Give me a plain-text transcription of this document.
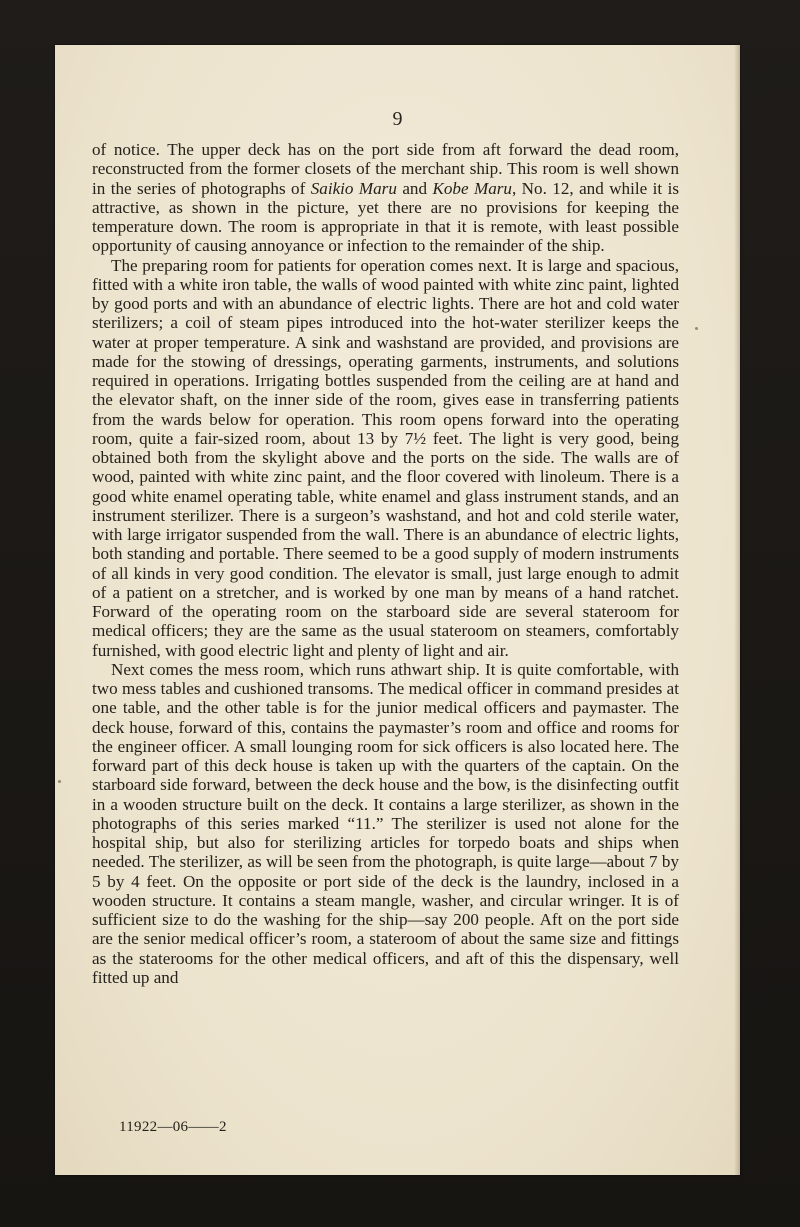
9

of notice. The upper deck has on the port side from aft forward the dead room, reconstructed from the former closets of the merchant ship. This room is well shown in the series of photographs of Saikio Maru and Kobe Maru, No. 12, and while it is attractive, as shown in the picture, yet there are no provisions for keeping the temperature down. The room is appropriate in that it is remote, with least possible opportunity of causing annoyance or infection to the remainder of the ship.

The preparing room for patients for operation comes next. It is large and spacious, fitted with a white iron table, the walls of wood painted with white zinc paint, lighted by good ports and with an abundance of electric lights. There are hot and cold water sterilizers; a coil of steam pipes introduced into the hot-water sterilizer keeps the water at proper temperature. A sink and washstand are provided, and provisions are made for the stowing of dressings, operating garments, instruments, and solutions required in operations. Irrigating bottles suspended from the ceiling are at hand and the elevator shaft, on the inner side of the room, gives ease in transferring patients from the wards below for operation. This room opens forward into the operating room, quite a fair-sized room, about 13 by 7½ feet. The light is very good, being obtained both from the skylight above and the ports on the side. The walls are of wood, painted with white zinc paint, and the floor covered with linoleum. There is a good white enamel operating table, white enamel and glass instrument stands, and an instrument sterilizer. There is a surgeon’s washstand, and hot and cold sterile water, with large irrigator suspended from the wall. There is an abundance of electric lights, both standing and portable. There seemed to be a good supply of modern instruments of all kinds in very good condition. The elevator is small, just large enough to admit of a patient on a stretcher, and is worked by one man by means of a hand ratchet. Forward of the operating room on the starboard side are several stateroom for medical officers; they are the same as the usual stateroom on steamers, comfortably furnished, with good electric light and plenty of light and air.

Next comes the mess room, which runs athwart ship. It is quite comfortable, with two mess tables and cushioned transoms. The medical officer in command presides at one table, and the other table is for the junior medical officers and paymaster. The deck house, forward of this, contains the paymaster’s room and office and rooms for the engineer officer. A small lounging room for sick officers is also located here. The forward part of this deck house is taken up with the quarters of the captain. On the starboard side forward, between the deck house and the bow, is the disinfecting outfit in a wooden structure built on the deck. It contains a large sterilizer, as shown in the photographs of this series marked “11.” The sterilizer is used not alone for the hospital ship, but also for sterilizing articles for torpedo boats and ships when needed. The sterilizer, as will be seen from the photograph, is quite large—about 7 by 5 by 4 feet. On the opposite or port side of the deck is the laundry, inclosed in a wooden structure. It contains a steam mangle, washer, and circular wringer. It is of sufficient size to do the washing for the ship—say 200 people. Aft on the port side are the senior medical officer’s room, a stateroom of about the same size and fittings as the staterooms for the other medical officers, and aft of this the dispensary, well fitted up and

11922—06——2
